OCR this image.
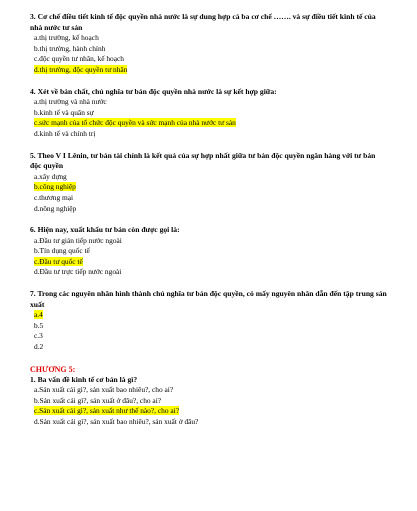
3. Cơ chế điều tiết kinh tế độc quyền nhà nước là sự dung hợp cả ba cơ chế ……. và sự điều tiết kinh tế của nhà nước tư sản

a.thị trường, kế hoạch

b.thị trường, hành chính

c.độc quyền tư nhân, kế hoạch

d.thị trường, độc quyền tư nhân

4. Xét về bản chất, chủ nghĩa tư bản độc quyền nhà nước là sự kết hợp giữa:

a.thị trường và nhà nước

b.kinh tế và quân sự

c.sức mạnh của tổ chức độc quyền và sức mạnh của nhà nước tư sản

d.kinh tế và chính trị

5. Theo V I Lênin, tư bản tài chính là kết quả của sự hợp nhất giữa tư bản độc quyền ngân hàng với tư bản độc quyền

a.xây dựng

b.công nghiệp

c.thương mại

d.nông nghiệp

6. Hiện nay, xuất khẩu tư bản còn được gọi là:

a.Đầu tư gián tiếp nước ngoài

b.Tín dụng quốc tế

c.Đầu tư quốc tế

d.Đầu tư trực tiếp nước ngoài

7. Trong các nguyên nhân hình thành chủ nghĩa tư bản độc quyền, có mấy nguyên nhân dẫn đến tập trung sản xuất

a.4

b.5

c.3

d.2

CHƯƠNG 5:

1. Ba vấn đề kinh tế cơ bản là gì?

a.Sản xuất cái gì?, sản xuất bao nhiêu?, cho ai?

b.Sản xuất cái gì?, sản xuất ở đâu?, cho ai?

c.Sản xuất cái gì?, sản xuất như thế nào?, cho ai?

d.Sản xuất cái gì?, sản xuất bao nhiêu?, sản xuất ở đâu?
